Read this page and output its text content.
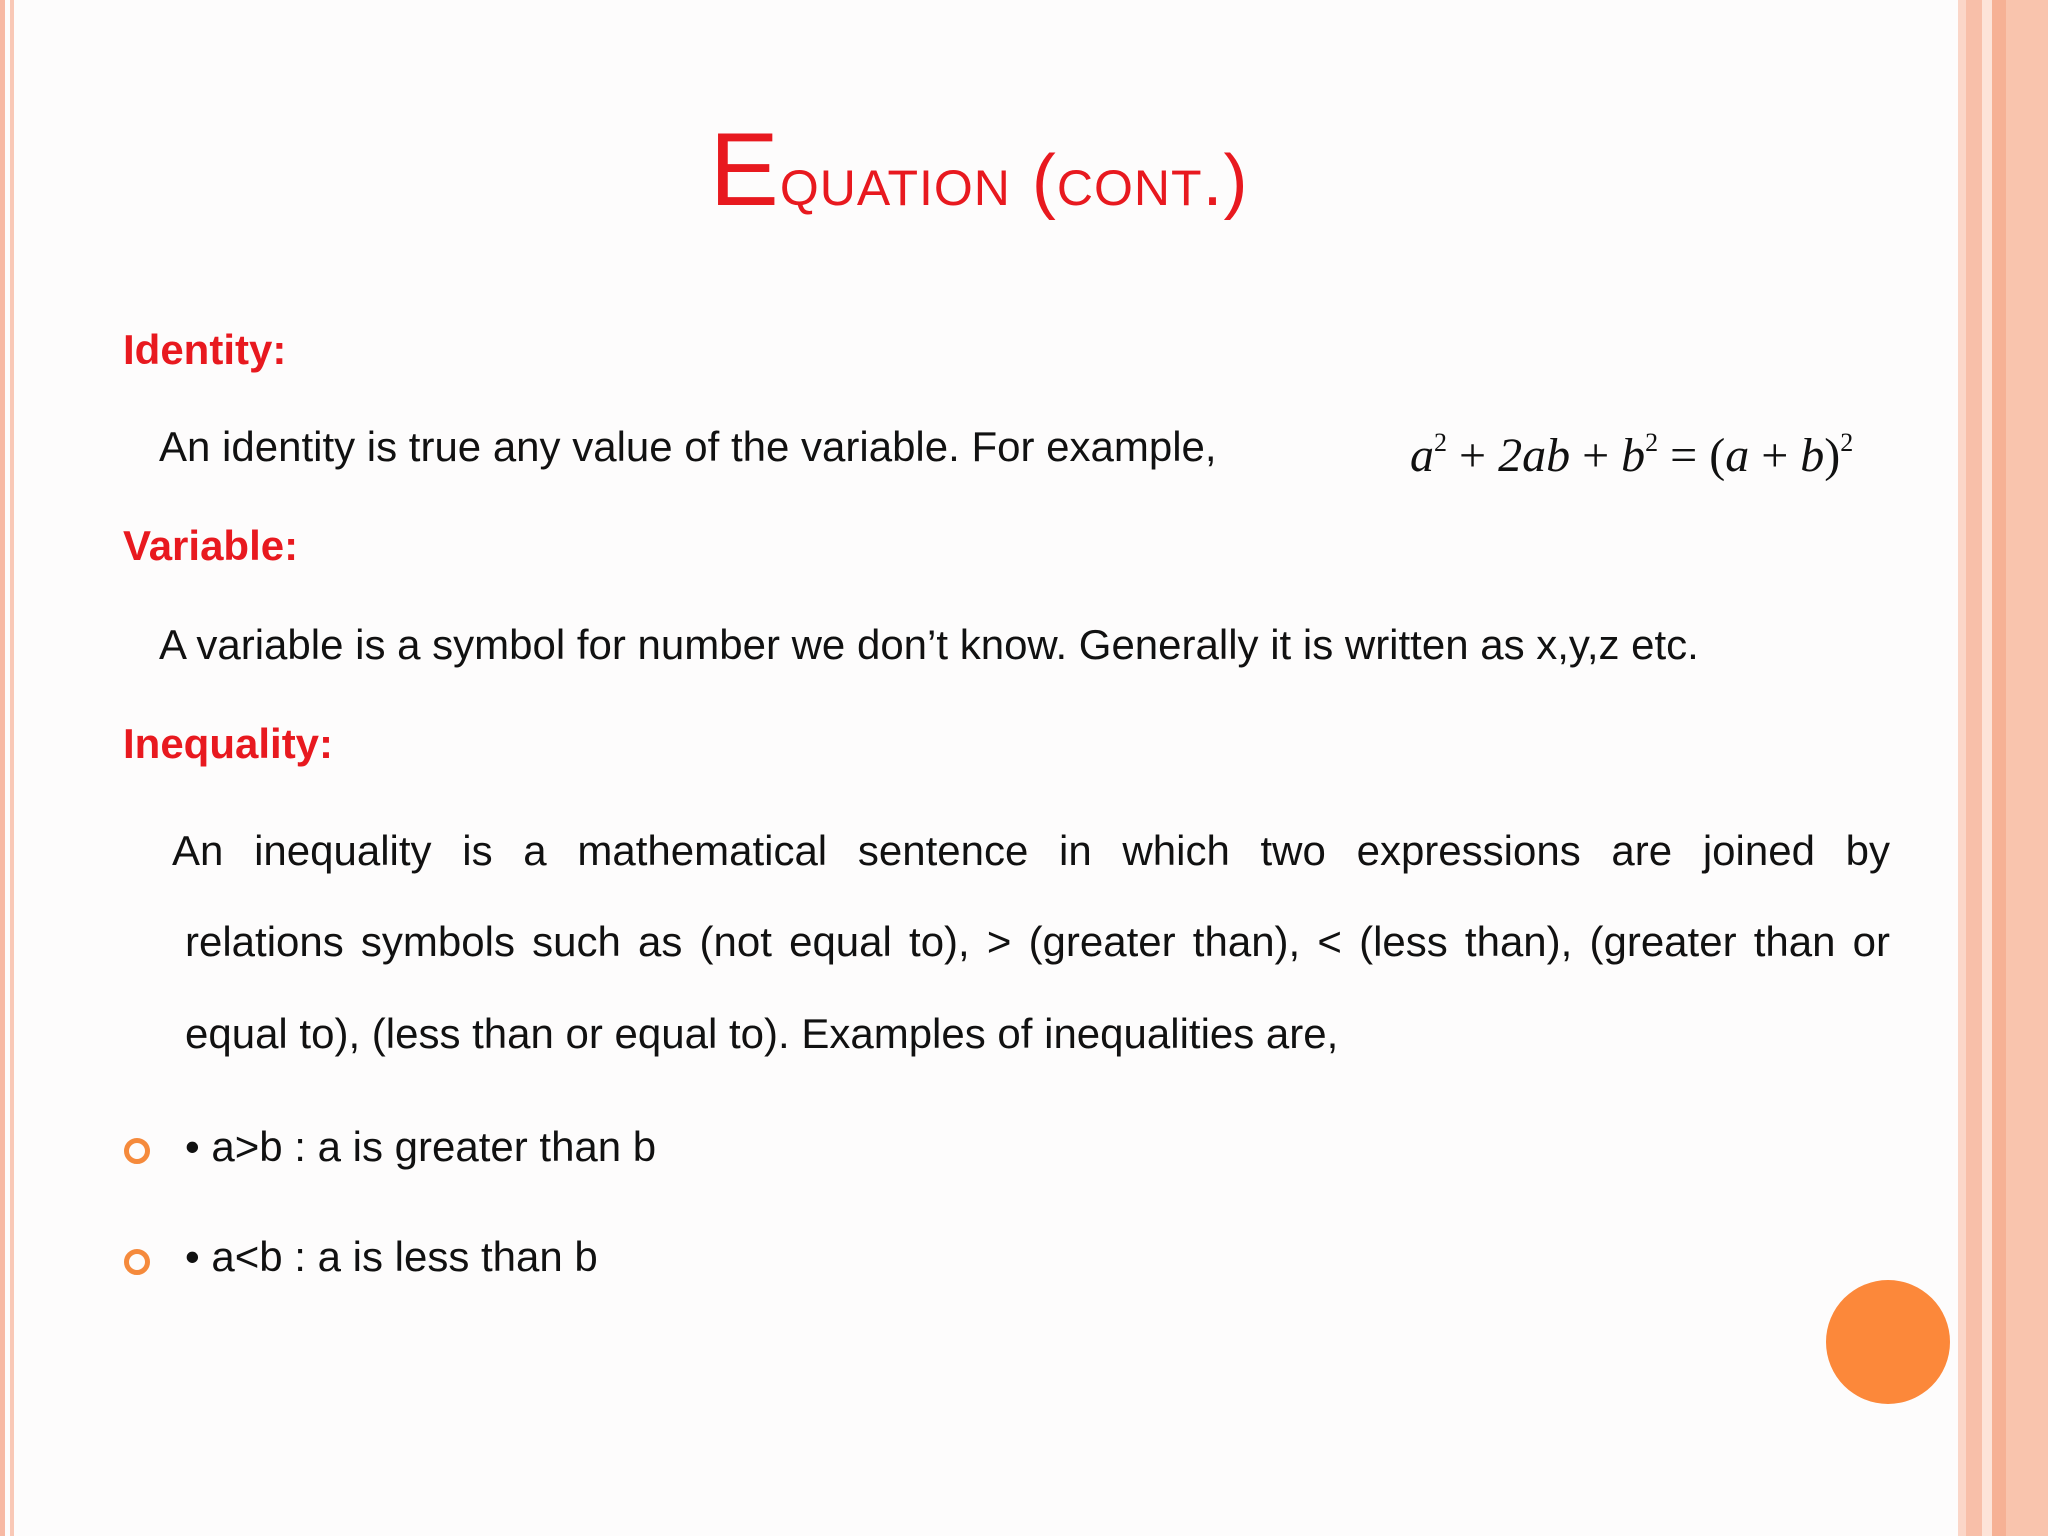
Equation (cont.)
Identity:
An identity is true any value of the variable. For example,	$a^2 + 2ab + b^2 = (a + b)^2$
Variable:
A variable is a symbol for number we don’t know. Generally it is written as x,y,z etc.
Inequality:
An inequality is a mathematical sentence in which two expressions are joined by
relations symbols such as (not equal to), > (greater than), < (less than), (greater than or equal to), (less than or equal to). Examples of inequalities are,
• a>b : a is greater than b
• a<b : a is less than b
